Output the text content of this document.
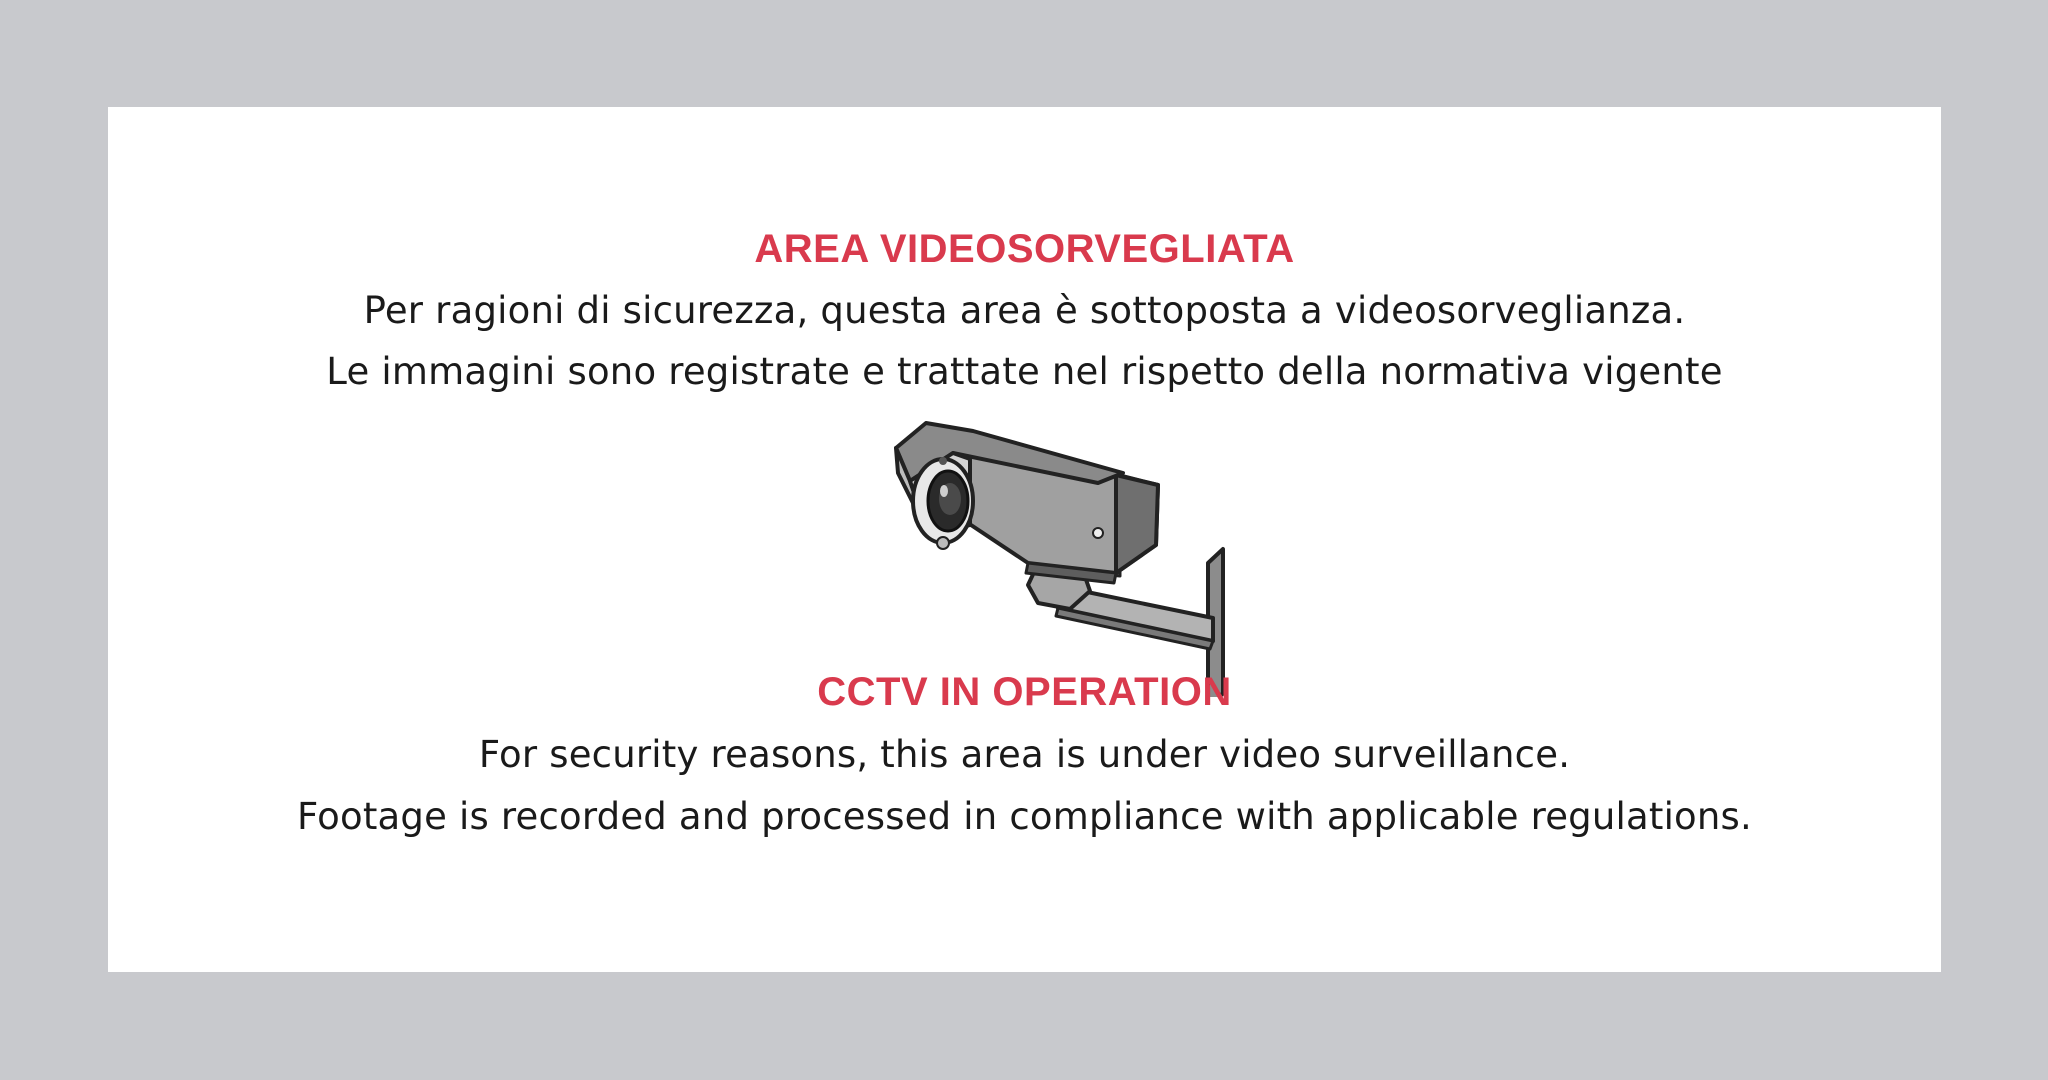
AREA VIDEOSORVEGLIATA
Per ragioni di sicurezza, questa area è sottoposta a videosorveglianza.
Le immagini sono registrate e trattate nel rispetto della normativa vigente
CCTV IN OPERATION
For security reasons, this area is under video surveillance.
Footage is recorded and processed in compliance with applicable regulations.
